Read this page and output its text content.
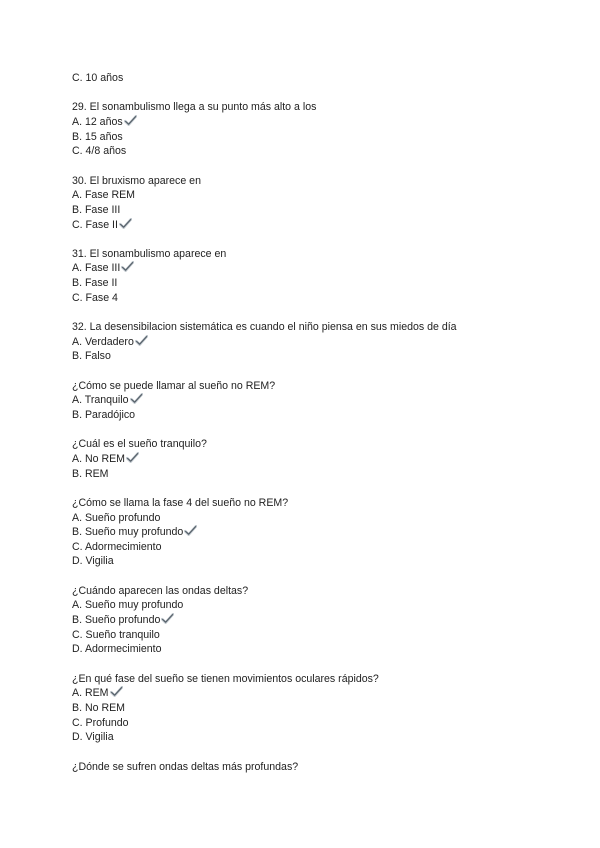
C. 10 años
29. El sonambulismo llega a su punto más alto a los
A. 12 años
B. 15 años
C. 4/8 años
30. El bruxismo aparece en
A. Fase REM
B. Fase III
C. Fase II
31. El sonambulismo aparece en
A. Fase III
B. Fase II
C. Fase 4
32. La desensibilacion sistemática es cuando el niño piensa en sus miedos de día
A. Verdadero
B. Falso
¿Cómo se puede llamar al sueño no REM?
A. Tranquilo
B. Paradójico
¿Cuál es el sueño tranquilo?
A. No REM
B. REM
¿Cómo se llama la fase 4 del sueño no REM?
A. Sueño profundo
B. Sueño muy profundo
C. Adormecimiento
D. Vigilia
¿Cuándo aparecen las ondas deltas?
A. Sueño muy profundo
B. Sueño profundo
C. Sueño tranquilo
D. Adormecimiento
¿En qué fase del sueño se tienen movimientos oculares rápidos?
A. REM
B. No REM
C. Profundo
D. Vigilia
¿Dónde se sufren ondas deltas más profundas?
